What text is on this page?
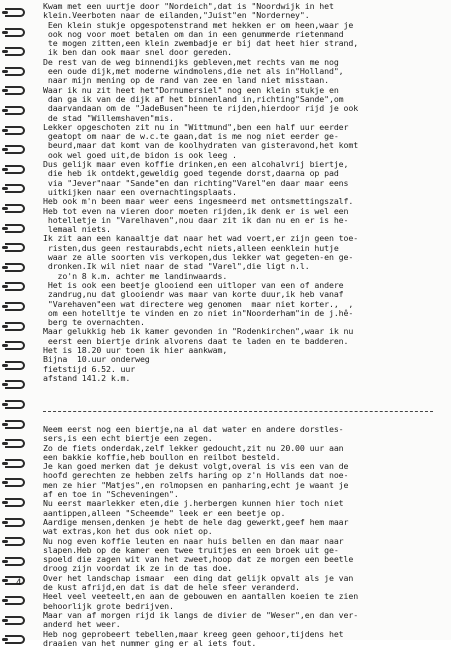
Kwam met een uurtje door "Nordeich",dat is "Noordwijk in het
klein.Veerboten naar de eilanden,"Juist"en "Norderney".
Een klein stukje opgespotenstrand met hekken er om heen,waar je
ook nog voor moet betalen om dan in een genummerde rietenmand
te mogen zitten,een klein zwembadje er bij dat heet hier strand,
ik ben dan ook maar snel door gereden.
De rest van de weg binnendijks gebleven,met rechts van me nog
een oude dijk,met moderne windmolens,die net als in"Holland",
naar mijn mening op de rand van zee en land niet misstaan.
Waar ik nu zit heet het"Dornumersiel" nog een klein stukje en
dan ga ik van de dijk af het binnenland in,richting"Sande",om
daarvandaan om de "JadeBusen"heen te rijden,hierdoor rijd je ook
de stad "Willemshaven"mis.
Lekker opgeschoten zit nu in "Wittmund",ben een half uur eerder
geatopt om naar de w.c.te gaan,dat is me nog niet eerder ge-
beurd,maar dat komt van de koolhydraten van gisteravond,het komt
ook wel goed uit,de bidon is ook leeg .
Dus gelijk maar even koffie drinken,en een alcohalvrij biertje,
die heb ik ontdekt,geweldig goed tegende dorst,daarna op pad
via "Jever"naar "Sande"en dan richting"Varel"en daar maar eens
uitkijken naar een overnachtingsplaats.
Heb ook m'n been maar weer eens ingesmeerd met ontsmettingszalf.
Heb tot even na vieren door moeten rijden,ik denk er is wel een
hotelletje in "Varelhaven",nou daar zit ik dan nu en er is he-
lemaal niets.
Ik zit aan een kanaaltje dat naar het wad voert,er zijn geen toe-
risten,dus geen restaurabds,echt niets,alleen eenklein hutje
waar ze alle soorten vis verkopen,dus lekker wat gegeten-en ge-
dronken.Ik wil niet naar de stad "Varel",die ligt n.l.
zo'n 8 k.m. achter me landinwaards.
Het is ook een beetje glooiend een uitloper van een of andere
zandrug,nu dat glooiendr was maar van korte duur,ik heb vanaf
"Varehaven"een wat directere weg genomen  maar niet korter.,  ,
om een hotelltje te vinden en zo niet in"Noorderham"in de j.hê-
berg te overnachten.
Maar gelukkig heb ik kamer gevonden in "Rodenkirchen",waar ik nu
eerst een biertje drink alvorens daat te laden en te badderen.
Het is 18.20 uur toen ik hier aankwam,
Bijna  10.uur onderweg
fietstijd 6.52. uur
afstand 141.2 k.m.
Neem eerst nog een biertje,na al dat water en andere dorstles-
sers,is een echt biertje een zegen.
Zo de fiets onderdak,zelf lekker gedoucht,zit nu 20.00 uur aan
een bakkie koffie,heb boullon en reilbot besteld.
Je kan goed merken dat je dekust volgt,overal is vis een van de
hoofd gerechten ze hebben zelfs haring op z'n Hollands dat noe-
men ze hier "Matjes",en rolmopsen en panharing,echt je waant je
af en toe in "Scheveningen".
Nu eerst maarlekker eten,die j.herbergen kunnen hier toch niet
aantippen,alleen "Scheemde" leek er een beetje op.
Aardige mensen,denken je hebt de hele dag gewerkt,geef hem maar
wat extras,kon het dus ook niet op.
Nu nog even koffie leuten en naar huis bellen en dan maar naar
slapen.Heb op de kamer een twee truitjes en een broek uit ge-
spoeld die zagen wit van het zweet,hoop dat ze morgen een beetle
droog zijn voordat ik ze in de tas doe.
Over het landschap ismaar  een ding dat gelijk opvalt als je van
de kust afrijd,en dat is dat de hele sfeer veranderd.
Heel veel veeteelt,en aan de gebouwen en aantallen koeien te zien
behoorlijk grote bedrijven.
Maar van af morgen rijd ik langs de divier de "Weser",en dan ver-
anderd het weer.
Heb nog geprobeert tebellen,maar kreeg geen gehoor,tijdens het
draaien van het nummer ging er al iets fout.
4
